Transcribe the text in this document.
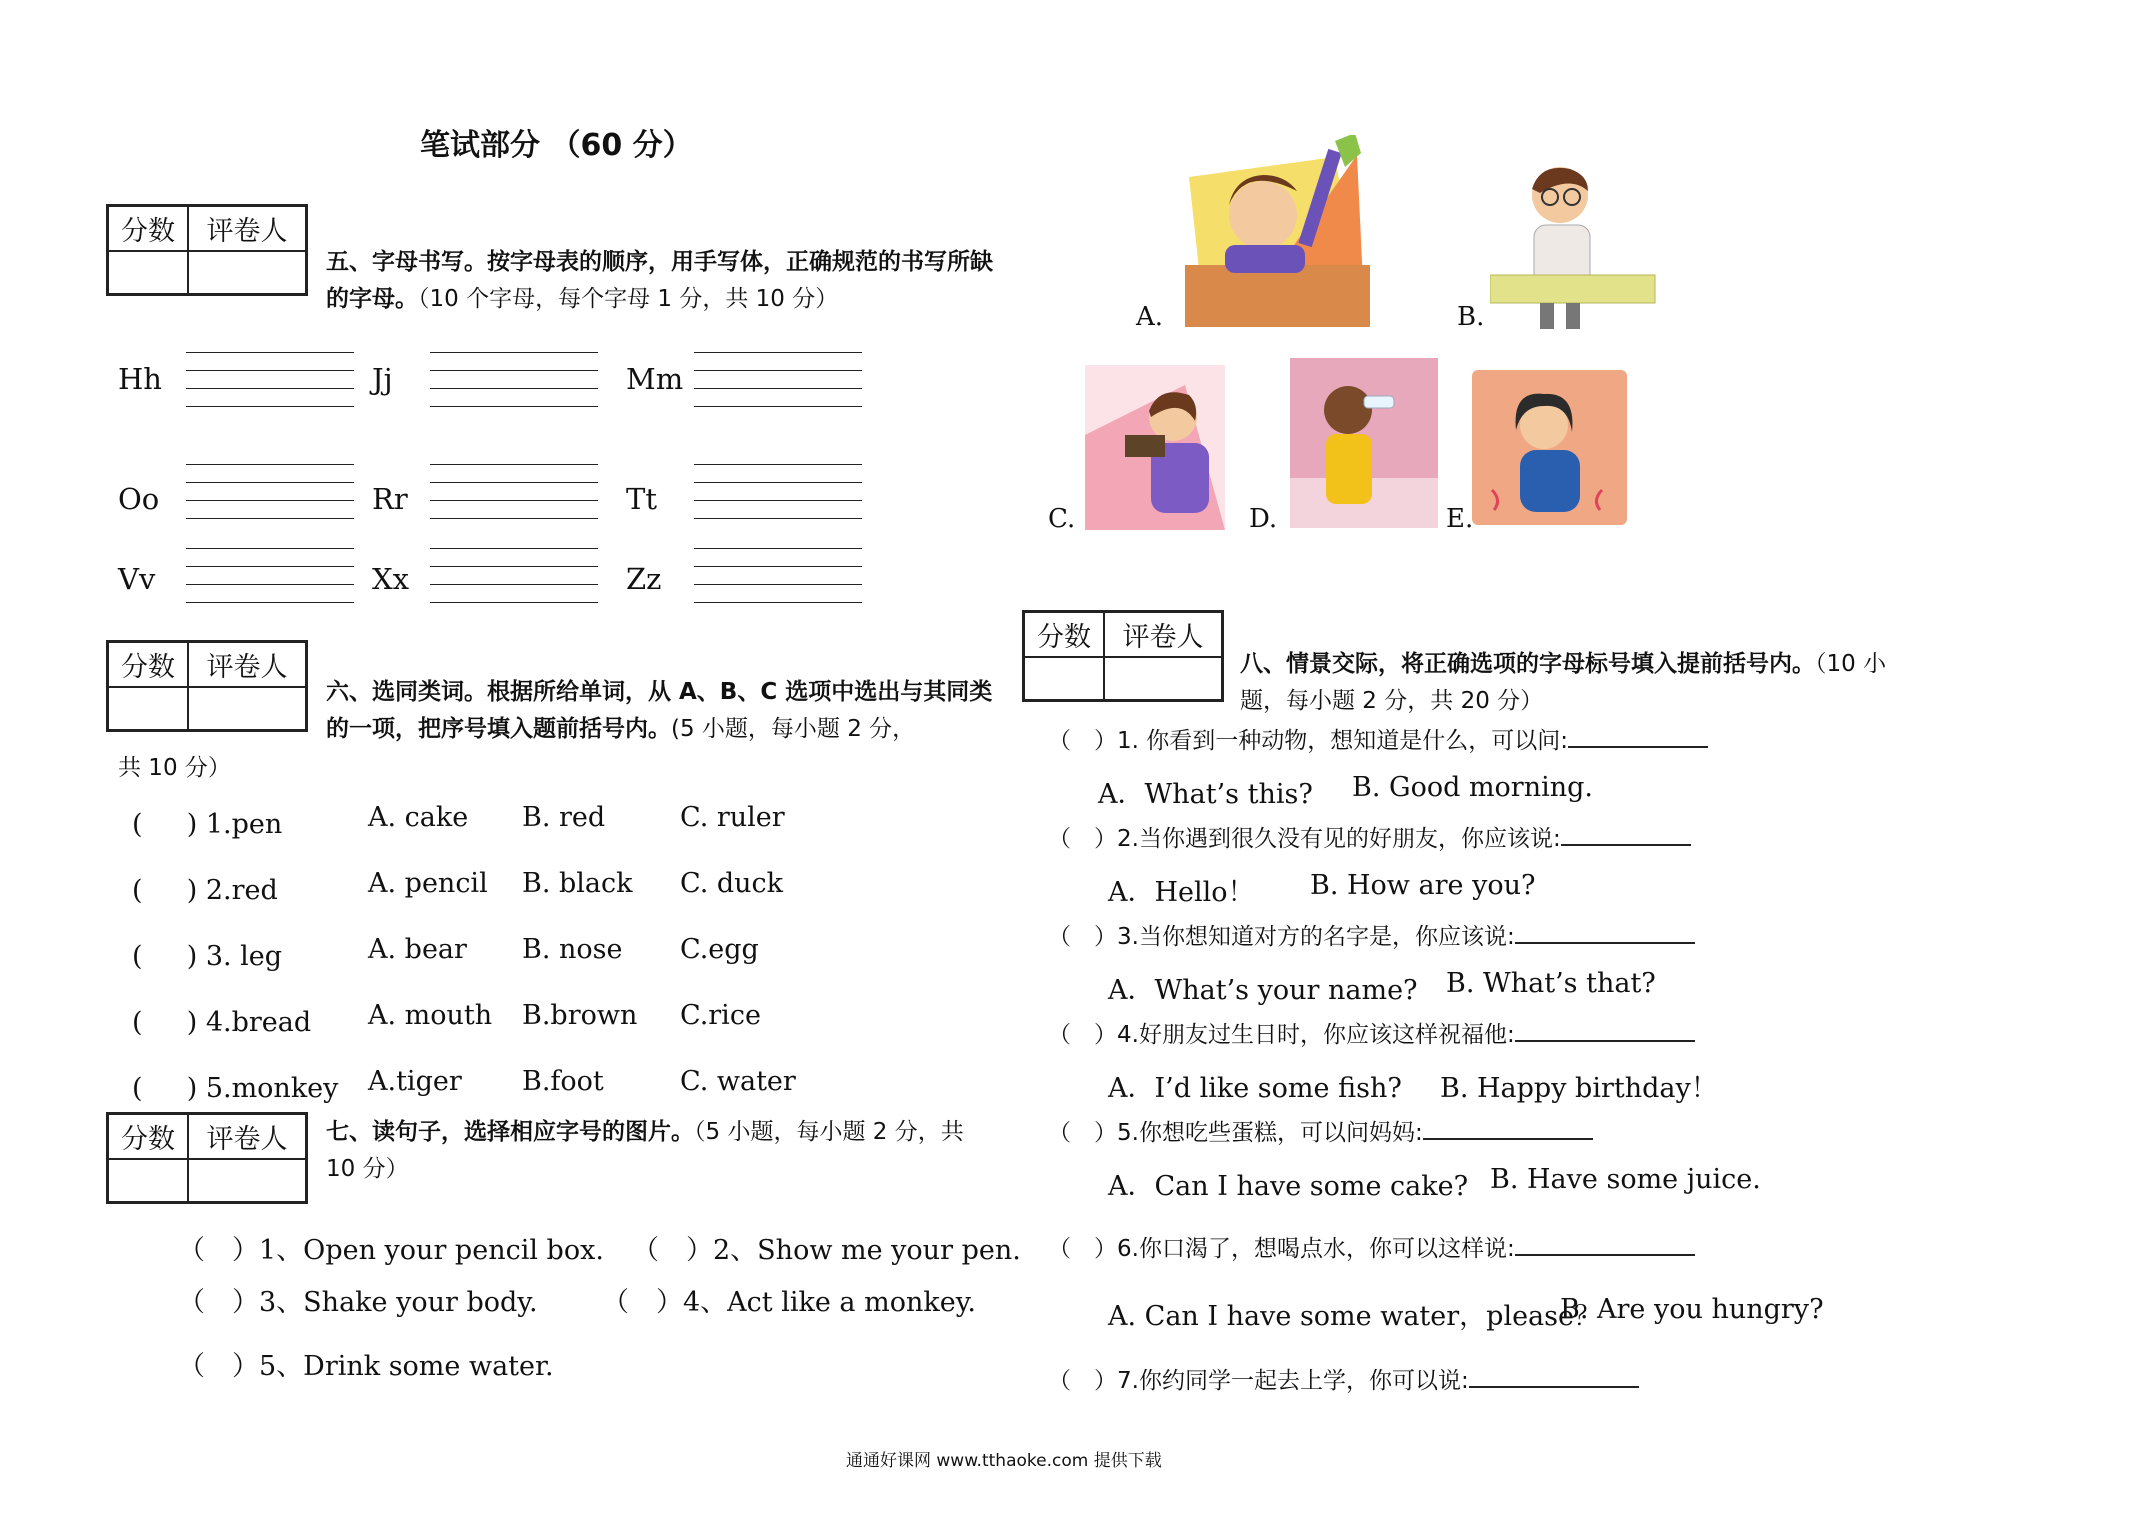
笔试部分 （60 分）
分数	评卷人
五、字母书写。按字母表的顺序，用手写体，正确规范的书写所缺的字母。（10 个字母，每个字母 1 分，共 10 分）
Hh	Jj	Mm
Oo	Rr	Tt
Vv	Xx	Zz
分数	评卷人
六、选同类词。根据所给单词，从 A、B、C 选项中选出与其同类的一项，把序号填入题前括号内。(5 小题，每小题 2 分，
共 10 分）
( 　 ) 1.pen	A. cake B. red	C. ruler
( 　 ) 2.red	A. pencil B. black C. duck
( 　 ) 3. leg	A. bear B. nose C.egg
( 　 ) 4.bread A. mouth B.brown C.rice
( 　 ) 5.monkey A.tiger B.foot	C. water
分数	评卷人	七、读句子，选择相应字号的图片。（5 小题，每小题 2 分，共 10 分）
（　）1、Open your pencil box. （　）2、Show me your pen.
（　）3、Shake your body. （　）4、Act like a monkey.
（　）5、Drink some water.
A.	B.
C.	D.	E.
分数	评卷人
八、情景交际，将正确选项的字母标号填入提前括号内。（10 小题，每小题 2 分，共 20 分）
（　）1. 你看到一种动物，想知道是什么，可以问:
A．What’s this? B. Good morning.
（　）2.当你遇到很久没有见的好朋友，你应该说:
A．Hello！ B. How are you?
（　）3.当你想知道对方的名字是，你应该说:
A．What’s your name? B. What’s that?
（　）4.好朋友过生日时，你应该这样祝福他:
A．I’d like some fish? B. Happy birthday！
（　）5.你想吃些蛋糕，可以问妈妈:
A．Can I have some cake? B. Have some juice.
（　）6.你口渴了，想喝点水，你可以这样说:
A. Can I have some water，please？
B. Are you hungry?
（　）7.你约同学一起去上学，你可以说:
通通好课网 www.tthaoke.com 提供下载
